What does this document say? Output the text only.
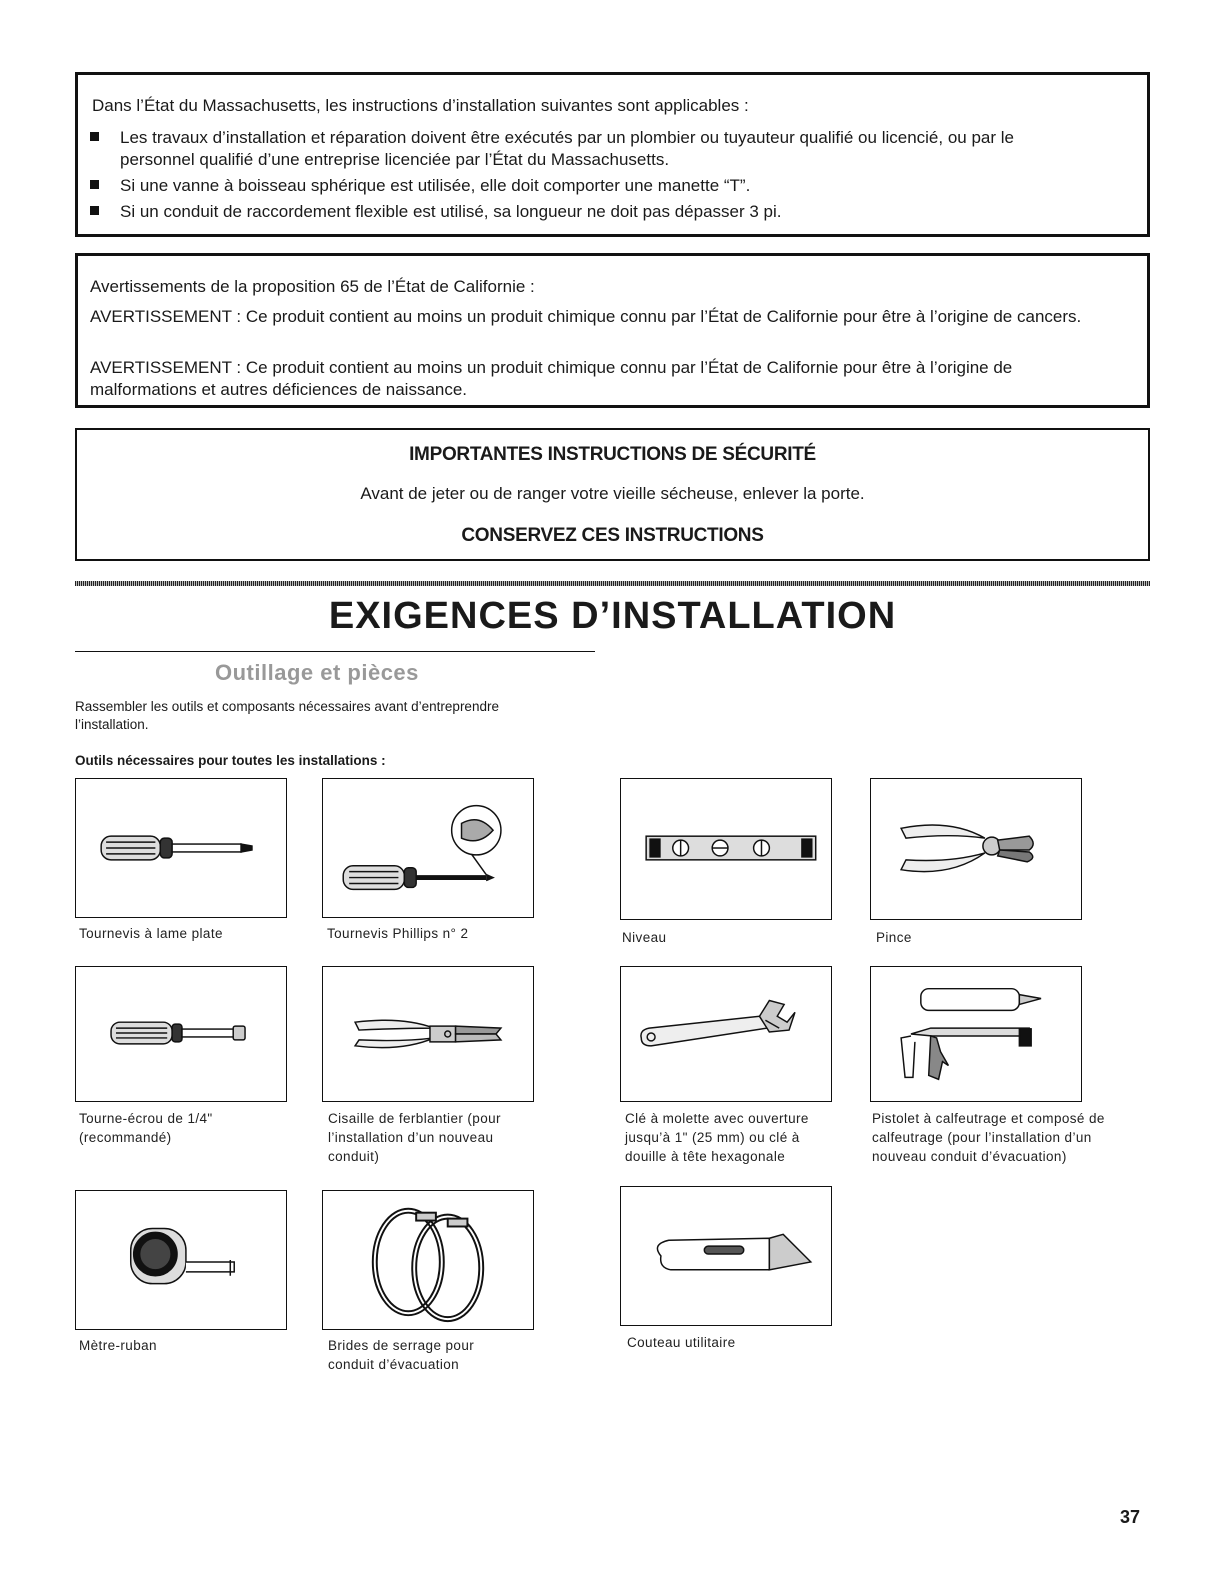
Dans l’État du Massachusetts, les instructions d’installation suivantes sont applicables :
Les travaux d’installation et réparation doivent être exécutés par un plombier ou tuyauteur qualifié ou licencié, ou par le personnel qualifié d’une entreprise licenciée par l’État du Massachusetts.
Si une vanne à boisseau sphérique est utilisée, elle doit comporter une manette “T”.
Si un conduit de raccordement flexible est utilisé, sa longueur ne doit pas dépasser 3 pi.
Avertissements de la proposition 65 de l’État de Californie :
AVERTISSEMENT : Ce produit contient au moins un produit chimique connu par l’État de Californie pour être à l’origine de cancers.
AVERTISSEMENT : Ce produit contient au moins un produit chimique connu par l’État de Californie pour être à l’origine de malformations et autres déficiences de naissance.
IMPORTANTES INSTRUCTIONS DE SÉCURITÉ
Avant de jeter ou de ranger votre vieille sécheuse, enlever la porte.
CONSERVEZ CES INSTRUCTIONS
EXIGENCES D’INSTALLATION
Outillage et pièces
Rassembler les outils et composants nécessaires avant d’entreprendre l’installation.
Outils nécessaires pour toutes les installations :
Tournevis à lame plate	Tournevis Phillips n° 2	Niveau	Pince
Tourne-écrou de 1/4" (recommandé)
Cisaille de ferblantier (pour l’installation d’un nouveau conduit)
Clé à molette avec ouverture jusqu’à 1" (25 mm) ou clé à douille à tête hexagonale
Pistolet à calfeutrage et composé de calfeutrage (pour l’installation d’un nouveau conduit d’évacuation)
Mètre-ruban	Brides de serrage pour conduit d’évacuation
Couteau utilitaire
37
